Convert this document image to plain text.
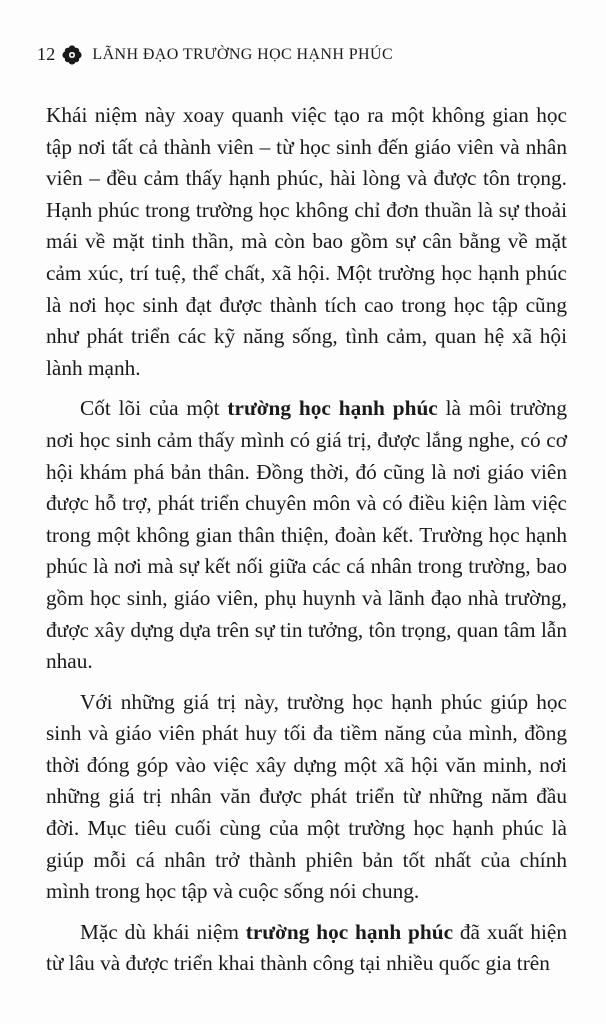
12 LÃNH ĐẠO TRƯỜNG HỌC HẠNH PHÚC

Khái niệm này xoay quanh việc tạo ra một không gian học tập nơi tất cả thành viên – từ học sinh đến giáo viên và nhân viên – đều cảm thấy hạnh phúc, hài lòng và được tôn trọng. Hạnh phúc trong trường học không chỉ đơn thuần là sự thoải mái về mặt tinh thần, mà còn bao gồm sự cân bằng về mặt cảm xúc, trí tuệ, thể chất, xã hội. Một trường học hạnh phúc là nơi học sinh đạt được thành tích cao trong học tập cũng như phát triển các kỹ năng sống, tình cảm, quan hệ xã hội lành mạnh.

Cốt lõi của một trường học hạnh phúc là môi trường nơi học sinh cảm thấy mình có giá trị, được lắng nghe, có cơ hội khám phá bản thân. Đồng thời, đó cũng là nơi giáo viên được hỗ trợ, phát triển chuyên môn và có điều kiện làm việc trong một không gian thân thiện, đoàn kết. Trường học hạnh phúc là nơi mà sự kết nối giữa các cá nhân trong trường, bao gồm học sinh, giáo viên, phụ huynh và lãnh đạo nhà trường, được xây dựng dựa trên sự tin tưởng, tôn trọng, quan tâm lẫn nhau.

Với những giá trị này, trường học hạnh phúc giúp học sinh và giáo viên phát huy tối đa tiềm năng của mình, đồng thời đóng góp vào việc xây dựng một xã hội văn minh, nơi những giá trị nhân văn được phát triển từ những năm đầu đời. Mục tiêu cuối cùng của một trường học hạnh phúc là giúp mỗi cá nhân trở thành phiên bản tốt nhất của chính mình trong học tập và cuộc sống nói chung.

Mặc dù khái niệm trường học hạnh phúc đã xuất hiện từ lâu và được triển khai thành công tại nhiều quốc gia trên
